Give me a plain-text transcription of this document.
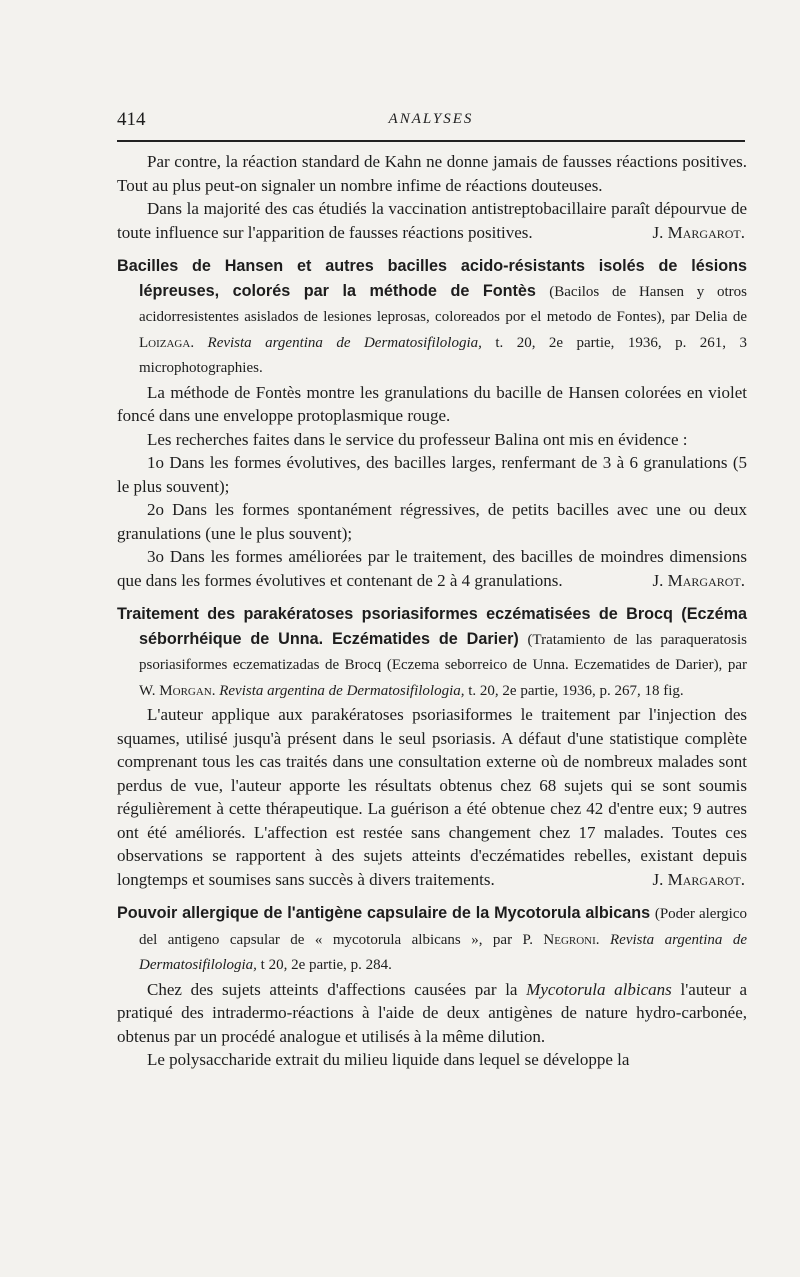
414	ANALYSES

Par contre, la réaction standard de Kahn ne donne jamais de fausses réactions positives. Tout au plus peut-on signaler un nombre infime de réactions douteuses.

Dans la majorité des cas étudiés la vaccination antistreptobacillaire paraît dépourvue de toute influence sur l'apparition de fausses réactions positives.	J. Margarot.

Bacilles de Hansen et autres bacilles acido-résistants isolés de lésions lépreuses, colorés par la méthode de Fontès (Bacilos de Hansen y otros acidorresistentes asislados de lesiones leprosas, coloreados por el metodo de Fontes), par Delia de Loizaga. Revista argentina de Dermatosifilologia, t. 20, 2e partie, 1936, p. 261, 3 microphotographies.

La méthode de Fontès montre les granulations du bacille de Hansen colorées en violet foncé dans une enveloppe protoplasmique rouge.

Les recherches faites dans le service du professeur Balina ont mis en évidence :

1o Dans les formes évolutives, des bacilles larges, renfermant de 3 à 6 granulations (5 le plus souvent);

2o Dans les formes spontanément régressives, de petits bacilles avec une ou deux granulations (une le plus souvent);

3o Dans les formes améliorées par le traitement, des bacilles de moindres dimensions que dans les formes évolutives et contenant de 2 à 4 granulations.	J. Margarot.

Traitement des parakératoses psoriasiformes eczématisées de Brocq (Eczéma séborrhéique de Unna. Eczématides de Darier) (Tratamiento de las paraqueratosis psoriasiformes eczematizadas de Brocq (Eczema seborreico de Unna. Eczematides de Darier), par W. Morgan. Revista argentina de Dermatosifilologia, t. 20, 2e partie, 1936, p. 267, 18 fig.

L'auteur applique aux parakératoses psoriasiformes le traitement par l'injection des squames, utilisé jusqu'à présent dans le seul psoriasis. A défaut d'une statistique complète comprenant tous les cas traités dans une consultation externe où de nombreux malades sont perdus de vue, l'auteur apporte les résultats obtenus chez 68 sujets qui se sont soumis régulièrement à cette thérapeutique. La guérison a été obtenue chez 42 d'entre eux; 9 autres ont été améliorés. L'affection est restée sans changement chez 17 malades. Toutes ces observations se rapportent à des sujets atteints d'eczématides rebelles, existant depuis longtemps et soumises sans succès à divers traitements.	J. Margarot.

Pouvoir allergique de l'antigène capsulaire de la Mycotorula albicans (Poder alergico del antigeno capsular de « mycotorula albicans », par P. Negroni. Revista argentina de Dermatosifilologia, t 20, 2e partie, p. 284.

Chez des sujets atteints d'affections causées par la Mycotorula albicans l'auteur a pratiqué des intradermo-réactions à l'aide de deux antigènes de nature hydro-carbonée, obtenus par un procédé analogue et utilisés à la même dilution.

Le polysaccharide extrait du milieu liquide dans lequel se développe la
